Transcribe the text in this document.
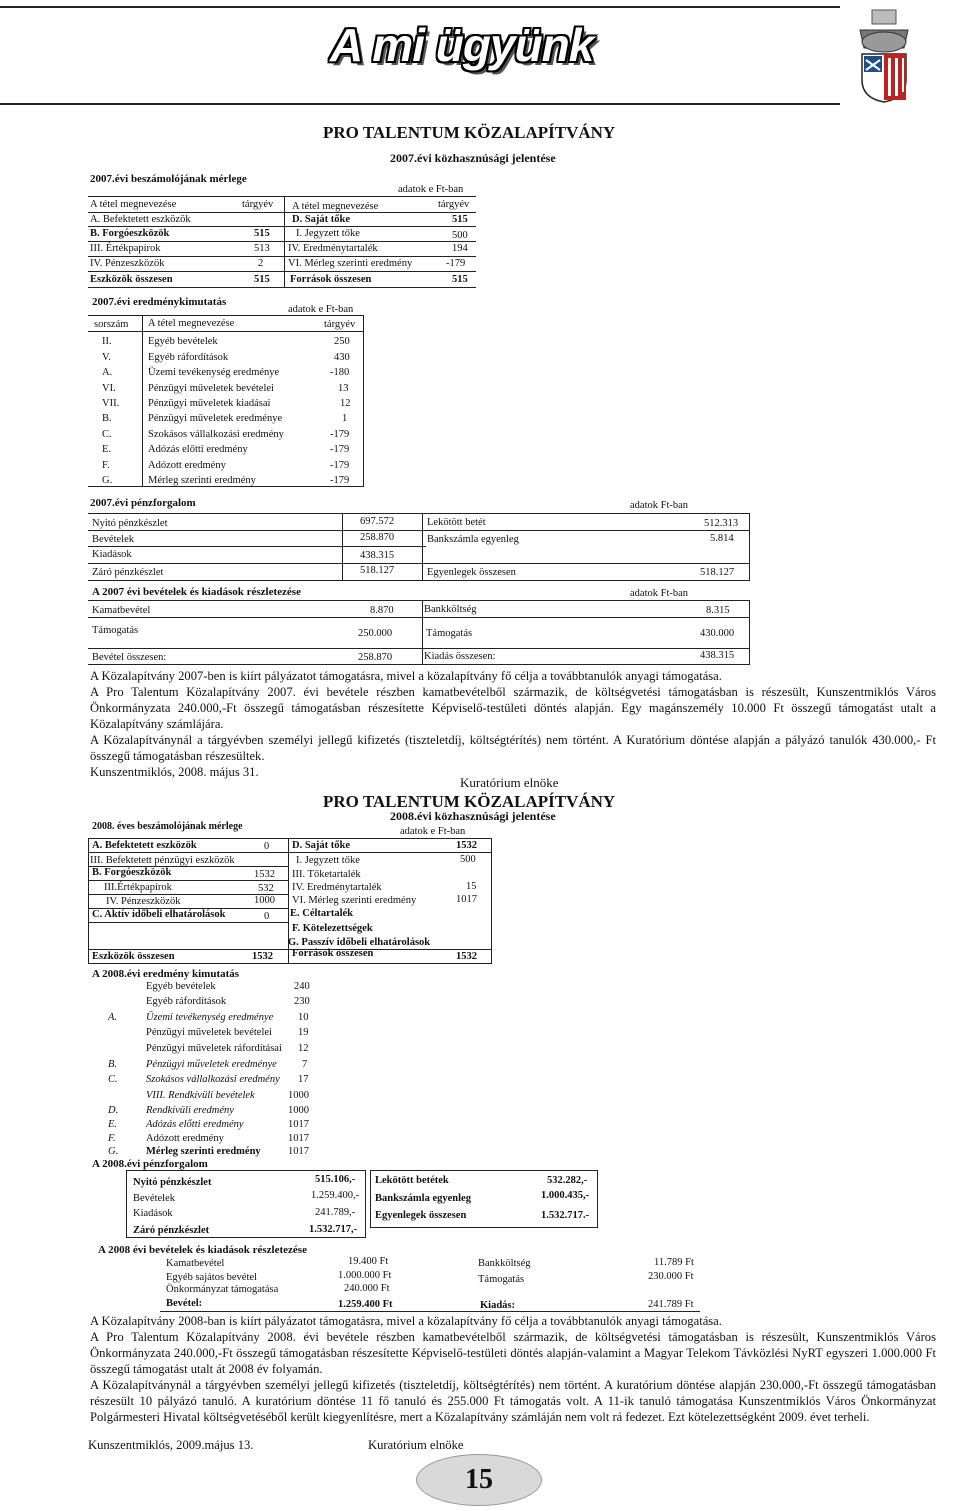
A mi ügyünk
PRO TALENTUM KÖZALAPÍTVÁNY
2007.évi közhasznúsági jelentése
2007.évi beszámolójának mérlege
adatok e Ft-ban
A tétel megnevezése	tárgyév A tétel megnevezése	tárgyév
A. Befektetett eszközök
B. Forgóeszközök	515
III. Értékpapírok	513
IV. Pénzeszközök	2
Eszközök összesen	515
D. Saját tőke	515
I. Jegyzett tőke	500
IV. Eredménytartalék	194
VI. Mérleg szerinti eredmény	-179
Források összesen	515
2007.évi eredménykimutatás
adatok e Ft-ban
sorszám A tétel megnevezése	tárgyév
II.	Egyéb bevételek	250
V.	Egyéb ráfordítások	430
A.	Üzemi tevékenység eredménye	-180
VI.	Pénzügyi műveletek bevételei	13
VII.	Pénzügyi műveletek kiadásai	12
B.	Pénzügyi műveletek eredménye	1
C.	Szokásos vállalkozási eredmény	-179
E.	Adózás előtti eredmény	-179
F.	Adózott eredmény	-179
G.	Mérleg szerinti eredmény	-179
2007.évi pénzforgalom	adatok Ft-ban
Nyitó pénzkészlet	697.572
Bevételek	258.870
Kiadások	438.315
Záró pénzkészlet	518.127
Lekötött betét	512.313
Bankszámla egyenleg	5.814
Egyenlegek összesen	518.127
A 2007 évi bevételek és kiadások részletezése	adatok Ft-ban
Kamatbevétel	8.870
Támogatás	250.000
Bevétel összesen:	258.870
Bankköltség	8.315
Támogatás	430.000
Kiadás összesen:	438.315

A Közalapítvány 2007-ben is kiírt pályázatot támogatásra, mivel a közalapítvány fő célja a továbbtanulók anyagi támogatása.

A Pro Talentum Közalapítvány 2007. évi bevétele részben kamatbevételből származik, de költségvetési támogatásban is részesült, Kunszentmiklós Város Önkormányzata 240.000,-Ft összegű támogatásban részesítette Képviselő-testületi döntés alapján. Egy magánszemély 10.000 Ft összegű támogatást utalt a Közalapítvány számlájára.

A Közalapítványnál a tárgyévben személyi jellegű kifizetés (tiszteletdíj, költségtérítés) nem történt. A Kuratórium döntése alapján a pályázó tanulók 430.000,- Ft összegű támogatásban részesültek.

Kunszentmiklós, 2008. május 31.

Kuratórium elnöke
PRO TALENTUM KÖZALAPÍTVÁNY
2008.évi közhasznúsági jelentése
2008. éves beszámolójának mérlege	adatok e Ft-ban
A. Befektetett eszközök	0
III. Befektetett pénzügyi eszközök
B. Forgóeszközök	1532
III.Értékpapírok	532
IV. Pénzeszközök	1000
C. Aktív időbeli elhatárolások	0
Eszközök összesen	1532
D. Saját tőke	1532
I. Jegyzett tőke	500
III. Tőketartalék
IV. Eredménytartalék	15
VI. Mérleg szerinti eredmény	1017
E. Céltartalék
F. Kötelezettségek
G. Passzív időbeli elhatárolások
Források összesen	1532
A 2008.évi eredmény kimutatás
Egyéb bevételek	240
Egyéb ráfordítások	230
A.	Üzemi tevékenység eredménye 10
Pénzügyi műveletek bevételei 19
Pénzügyi műveletek ráfordításai 12
B.	Pénzügyi műveletek eredménye 7
C.	Szokásos vállalkozási eredmény 17
VIII. Rendkívüli bevételek	1000
D.	Rendkívüli eredmény	1000
E.	Adózás előtti eredmény	1017
F.	Adózott eredmény	1017
G.	Mérleg szerinti eredmény	1017
A 2008.évi pénzforgalom
Nyitó pénzkészlet	515.106,-
Bevételek	1.259.400,-
Kiadások	241.789,-
Záró pénzkészlet	1.532.717,-
Lekötött betétek	532.282,-
Bankszámla egyenleg	1.000.435,-
Egyenlegek összesen	1.532.717.-
A 2008 évi bevételek és kiadások részletezése
Kamatbevétel	19.400 Ft
Egyéb sajátos bevétel	1.000.000 Ft
Önkormányzat támogatása	240.000 Ft
Bevétel:	1.259.400 Ft
Bankköltség	11.789 Ft
Támogatás	230.000 Ft
Kiadás:	241.789 Ft

A Közalapítvány 2008-ban is kiírt pályázatot támogatásra, mivel a közalapítvány fő célja a továbbtanulók anyagi támogatása.

A Pro Talentum Közalapítvány 2008. évi bevétele részben kamatbevételből származik, de költségvetési támogatásban is részesült, Kunszentmiklós Város Önkormányzata 240.000,-Ft összegű támogatásban részesítette Képviselő-testületi döntés alapján-valamint a Magyar Telekom Távközlési NyRT egyszeri 1.000.000 Ft összegű támogatást utalt át 2008 év folyamán.

A Közalapítványnál a tárgyévben személyi jellegű kifizetés (tiszteletdíj, költségtérítés) nem történt. A kuratórium döntése alapján 230.000,-Ft összegű támogatásban részesült 10 pályázó tanuló. A kuratórium döntése 11 fő tanuló és 255.000 Ft támogatás volt. A 11-ik tanuló támogatása Kunszentmiklós Város Önkormányzat Polgármesteri Hivatal költségvetéséből került kiegyenlítésre, mert a Közalapítvány számláján nem volt rá fedezet. Ezt kötelezettségként 2009. évet terheli.

Kunszentmiklós, 2009.május 13.	Kuratórium elnöke
15
